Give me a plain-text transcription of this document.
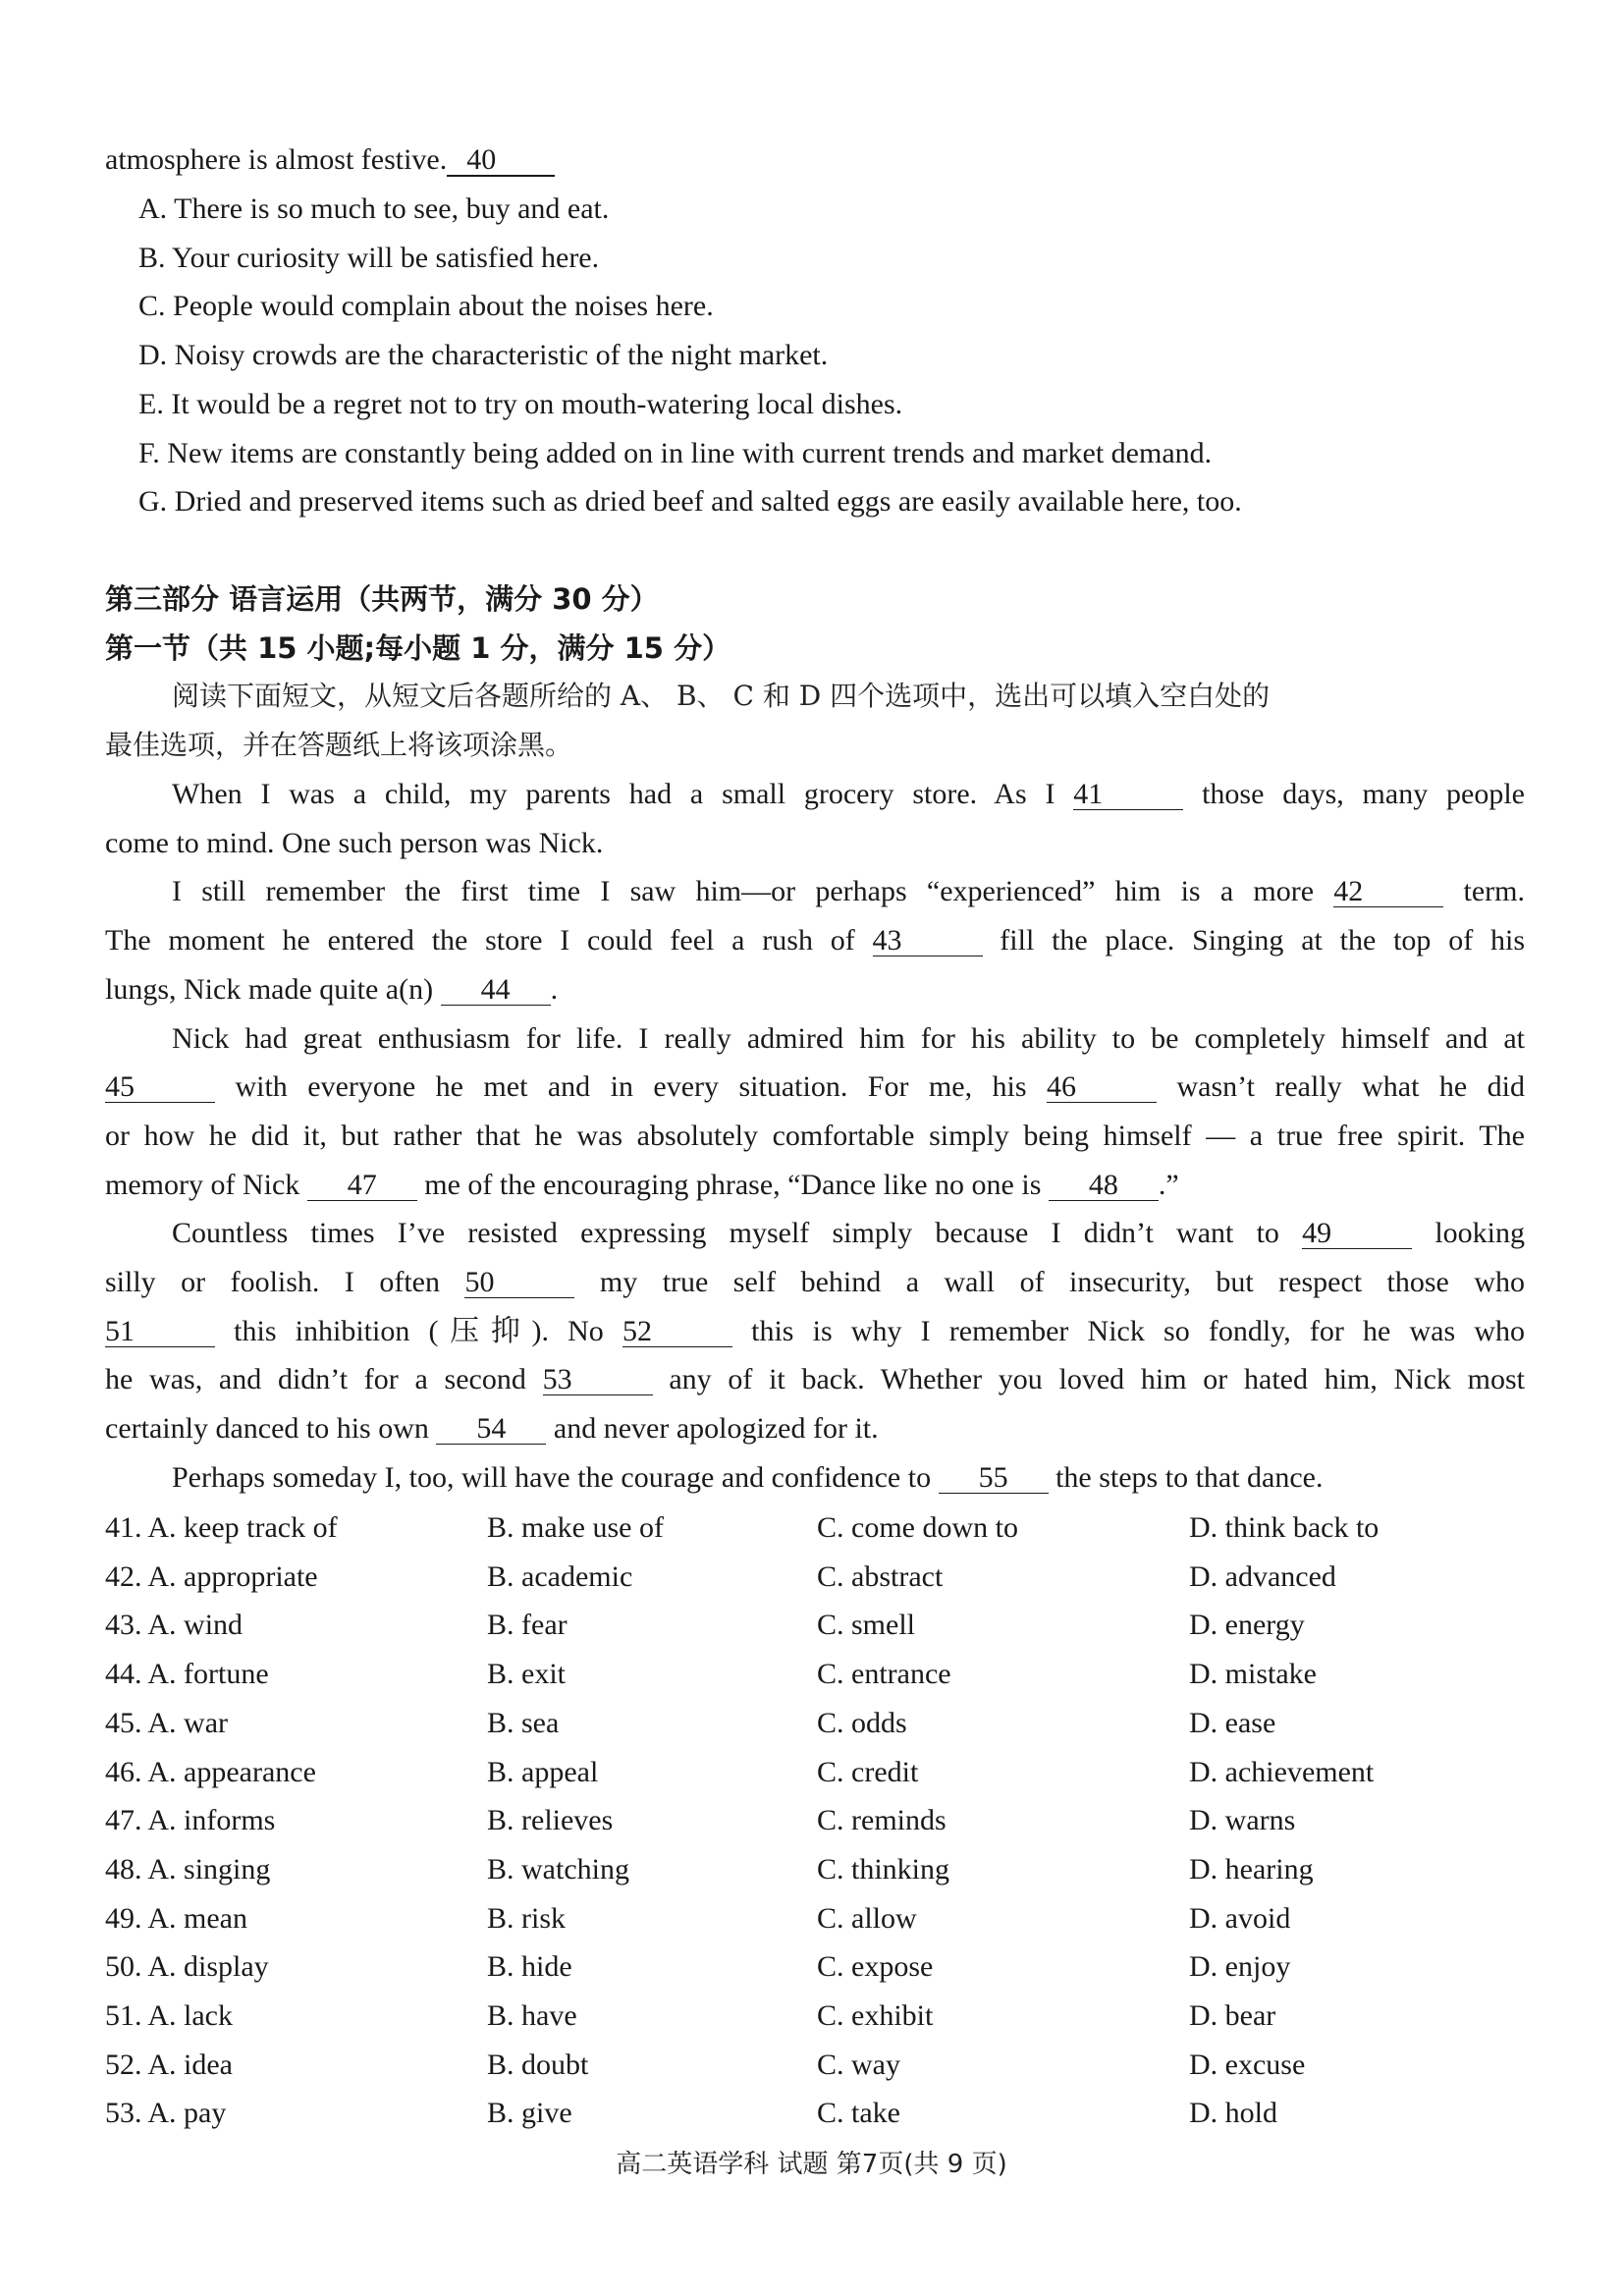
atmosphere is almost festive. 40
A. There is so much to see, buy and eat.
B. Your curiosity will be satisfied here.
C. People would complain about the noises here.
D. Noisy crowds are the characteristic of the night market.
E. It would be a regret not to try on mouth-watering local dishes.
F. New items are constantly being added on in line with current trends and market demand.
G. Dried and preserved items such as dried beef and salted eggs are easily available here, too.
第三部分 语言运用（共两节，满分 30 分）
第一节（共 15 小题;每小题 1 分，满分 15 分）
阅读下面短文，从短文后各题所给的 A、 B、 C 和 D 四个选项中，选出可以填入空白处的
最佳选项，并在答题纸上将该项涂黑。
When I was a child, my parents had a small grocery store. As I 41	those days, many people
come to mind. One such person was Nick.
I still remember the first time I saw him—or perhaps “experienced” him is a more 42	term.
The moment he entered the store I could feel a rush of 43	fill the place. Singing at the top of his
lungs, Nick made quite a(n) 44 .
Nick had great enthusiasm for life. I really admired him for his ability to be completely himself and at
45	with everyone he met and in every situation. For me, his 46	wasn’t really what he did
or how he did it, but rather that he was absolutely comfortable simply being himself — a true free spirit. The
memory of Nick 47 me of the encouraging phrase, “Dance like no one is 48 .”
Countless times I’ve resisted expressing myself simply because I didn’t want to 49	looking
silly or foolish. I often 50	my true self behind a wall of insecurity, but respect those who
51	this inhibition (压抑). No 52	this is why I remember Nick so fondly, for he was who
he was, and didn’t for a second 53	any of it back. Whether you loved him or hated him, Nick most
certainly danced to his own 54 and never apologized for it.
Perhaps someday I, too, will have the courage and confidence to 55 the steps to that dance.
41. A. keep track of	B. make use of	C. come down to	D. think back to
42. A. appropriate	B. academic	C. abstract	D. advanced
43. A. wind	B. fear	C. smell	D. energy
44. A. fortune	B. exit	C. entrance	D. mistake
45. A. war	B. sea	C. odds	D. ease
46. A. appearance	B. appeal	C. credit	D. achievement
47. A. informs	B. relieves	C. reminds	D. warns
48. A. singing	B. watching	C. thinking	D. hearing
49. A. mean	B. risk	C. allow	D. avoid
50. A. display	B. hide	C. expose	D. enjoy
51. A. lack	B. have	C. exhibit	D. bear
52. A. idea	B. doubt	C. way	D. excuse
53. A. pay	B. give	C. take	D. hold
高二英语学科 试题 第7页(共 9 页)
